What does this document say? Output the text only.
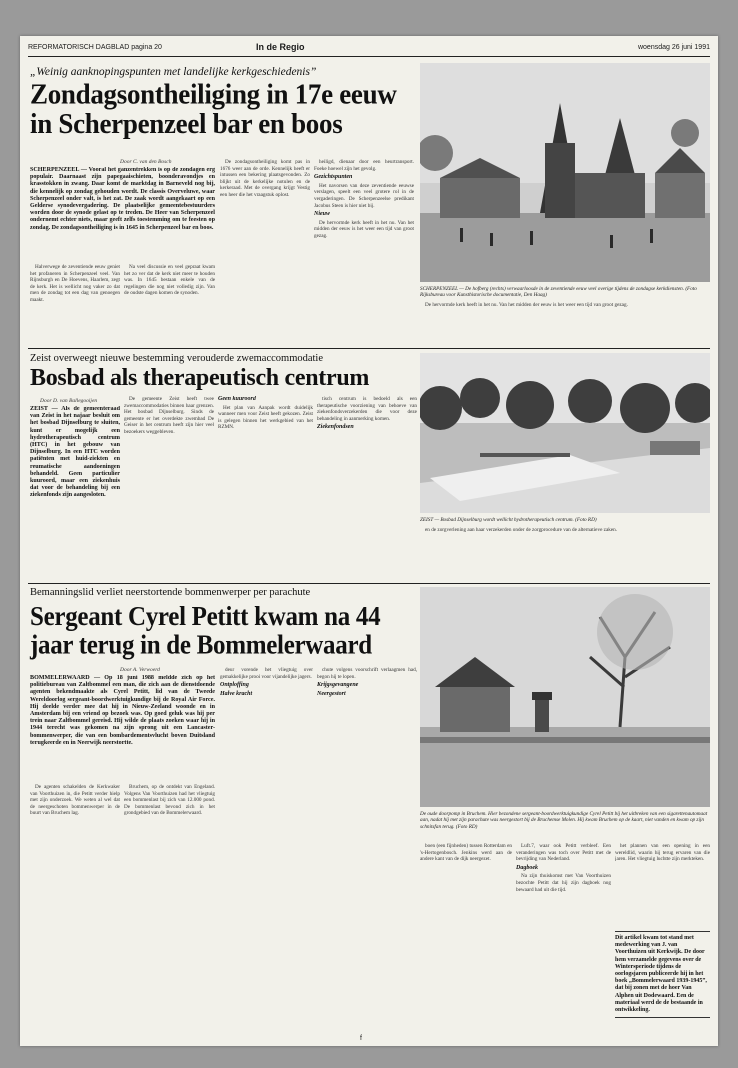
REFORMATORISCH DAGBLAD pagina 20	In de Regio	woensdag 26 juni 1991
„Weinig aanknopingspunten met landelijke kerkgeschiedenis”
Zondagsontheiliging in 17e eeuw
in Scherpenzeel bar en boos
Door C. van den Bosch
SCHERPENZEEL — Vooral het ganzentrekken is op de zondagen erg populair. Daarnaast zijn papegaaischieten, boonderavondjes en krasstokken in zwang. Daar komt de marktdag in Barneveld nog bij, die kennelijk op zondag gehouden wordt. De classis Overveluwe, waar Scherpenzeel onder valt, is het zat. De zaak wordt aangekaart op een Gelderse synodevergadering. De plaatselijke gemeentebestuurders worden door de synode gelast op te treden. De Heer van Scherpenzeel ondernemt echter niets, maar geeft zelfs toestemming om te feesten op zondag. De zondagsontheiliging is in 1645 in Scherpenzeel bar en boos.

Halverwege de zeventiende eeuw geniet het profaneren in Scherpenzeel veel. Van Rijnsburgh en De Hoevens, Haarlem, zegt de kerk. Het is wellicht nog vaker zo dat men de zondag tot een dag van genoegen maakt.

Na veel discussie en veel gepraat kwam het zo ver dat de kerk niet meer te houden was. In 1645 bestaan enkele van de regelingen die nog niet volledig zijn. Van de oudste dagen komen de synoden.

De zondagsontheiliging komt pas in 1676 weer aan de orde. Kennelijk heeft er intussen een bekering plaatsgevonden. Zo blijkt uit de kerkelijke notulen en de kerkeraad. Met de overgang krijgt Vestig een heer die het vraagstuk oplost.

heiligd, dienaar door een heurtransport. Foeke hoewel zijn het gevolg.

Gezichtspunten

Het navorsen van deze zeventiende eeuwse verslagen, speelt een veel grotere rol in de vergaderingen. De Scherpenzeelse predikant Jacobus Steen is hier niet bij.

Nieuw

De hervormde kerk heeft in het nu. Van het midden der eeuw is het weer een tijd van groot gezag.

SCHERPENZEEL — De hofberg (rechts) verwaarloosde in de zeventiende eeuw veel overige tijdens de zondagse kerkdiensten. (Foto Rijksbureau voor Kunsthistorische documentatie, Den Haag)

De hervormde kerk heeft in het nu. Van het midden der eeuw is het weer een tijd van groot gezag.

Zeist overweegt nieuwe bestemming verouderde zwemaccommodatie
Bosbad als therapeutisch centrum
Door D. van Ballegooijen
ZEIST — Als de gemeenteraad van Zeist in het najaar besluit om het bosbad Dijnselburg te sluiten, kunt er mogelijk een hydrotherapeutisch centrum (HTC) in het gebouw van Dijnselburg. In een HTC worden patiënten met huid-ziekten en reumatische aandoeningen behandeld. Geen particulier kuuroord, maar een ziekenhuis dat voor de behandeling bij een ziekenfonds zijn aangesloten.

De gemeente Zeist heeft twee zwemaccommodaties binnen haar grenzen. Het bosbad Dijnselburg. Sinds de gemeente er het overdekte zwembad De Geiser in het centrum heeft zijn hier veel bezoekers weggebleven.

Geen kuuroord

Het plan van Aanpak wordt duidelijk wanneer men voor Zeist heeft gekozen. Zeist is gelegen binnen het werkgebied van het RZMN.

tisch centrum is bedoeld als een therapeutische voorziening van behoeve van ziekenfondsverzekerden die voor deze behandeling in aanmerking komen.

Ziekenfondsen

ZEIST — Bosbad Dijnselburg wordt wellicht hydrotherapeutisch centrum. (Foto RD)

en de zorgverlening aan haar verzekerden onder de zorgprocedure van de alternatieve zaken.

Bemanningslid verliet neerstortende bommenwerper per parachute
Sergeant Cyrel Petitt kwam na 44
jaar terug in de Bommelerwaard
Door A. Verwoerd
BOMMELERWAARD — Op 18 juni 1988 meldde zich op het politiebureau van Zaltbommel een man, die zich aan de dienstdoende agenten bekendmaakte als Cyrel Petitt, lid van de Tweede Wereldoorlog sergeant-boordwerktuigkundige bij de Royal Air Force. Hij deelde verder mee dat hij in Nieuw-Zeeland woonde en in Amsterdam bij een vriend op bezoek was. Op goed geluk was hij per trein naar Zaltbommel gereisd. Hij wilde de plaats zoeken waar hij in 1944 terecht was gekomen na zijn sprong uit een Lancaster-bommenwerper, die van een bombardementsvlucht boven Duitsland terugkeerde en in Neerwijk neerstortte.

De agenten schakelden de Kerkwaker van Voorthuizen in, die Petitt verder hielp met zijn onderzoek. We weten al wel dat de neergeschoten bommenwerper in de buurt van Bruchem lag.

Bruchem, op de ontdekt van Engeland. Volgens Van Voorthuizen had het vliegtuig een bommenlast bij zich van 12.000 pond. De bommenlast bevond zich in het grondgebied van de Bommelerwaard.

deur vorende het vliegtuig over gemakkelijke prooi voor vijandelijke jagers.

Ontploffing

Halve kracht

chute volgens voorschrift verlaagmen had, begon hij te lopen.

Krijgsgevangene

Neergestort

De oude doorpomp in Bruchem. Hier bezondene sergeant-boordwerktuigkundige Cyrel Petitt bij het uitbreken van een sigarettenautomaat aan, nadat hij met zijn parachute was neergestort bij de Bruchemse Molen. Hij kwam Bruchem op de kaart, niet vanden en kwam op zijn schnitsfan terug. (Foto RD)

boen (een fijnheden) tussen Rotterdam en 's-Hertogenbosch. Jenkins werd aan de andere kant van de dijk neergezet.

Luft.7, waar ook Petitt verbleef. Een veranderingen was toch over Petitt met de bevrijding van Nederland.

Dagboek

Na zijn thuiskomst met Van Voorthuizen bezochte Petitt dat hij zijn dagboek nog bewaard had uit die tijd.

het plannen van een opening in een wereldlid, waarin hij terug ervaren van die jaren. Het vliegtuig luchtte zijn merkteken.

Dit artikel kwam tot stand met medewerking van J. van Voorthuizen uit Kerkwijk. De door hem verzamelde gegevens over de Wintersperiode tijdens de oorlogsjaren publiceerde hij in het boek „Bommelerwaard 1939-1945”, dat bij zonen met de hoer Van Alphen uit Dodewaard. Een de materiaal werd de de bestaande in ontwikkeling.
f
